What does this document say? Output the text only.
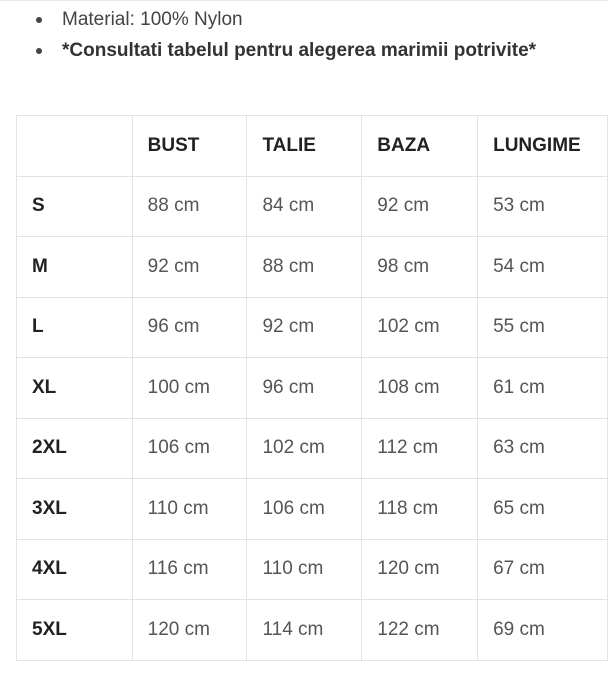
Material: 100% Nylon
*Consultati tabelul pentru alegerea marimii potrivite*
	BUST	TALIE	BAZA	LUNGIME
S	88 cm	84 cm	92 cm	53 cm
M	92 cm	88 cm	98 cm	54 cm
L	96 cm	92 cm	102 cm	55 cm
XL	100 cm	96 cm	108 cm	61 cm
2XL	106 cm	102 cm	112 cm	63 cm
3XL	110 cm	106 cm	118 cm	65 cm
4XL	116 cm	110 cm	120 cm	67 cm
5XL	120 cm	114 cm	122 cm	69 cm
